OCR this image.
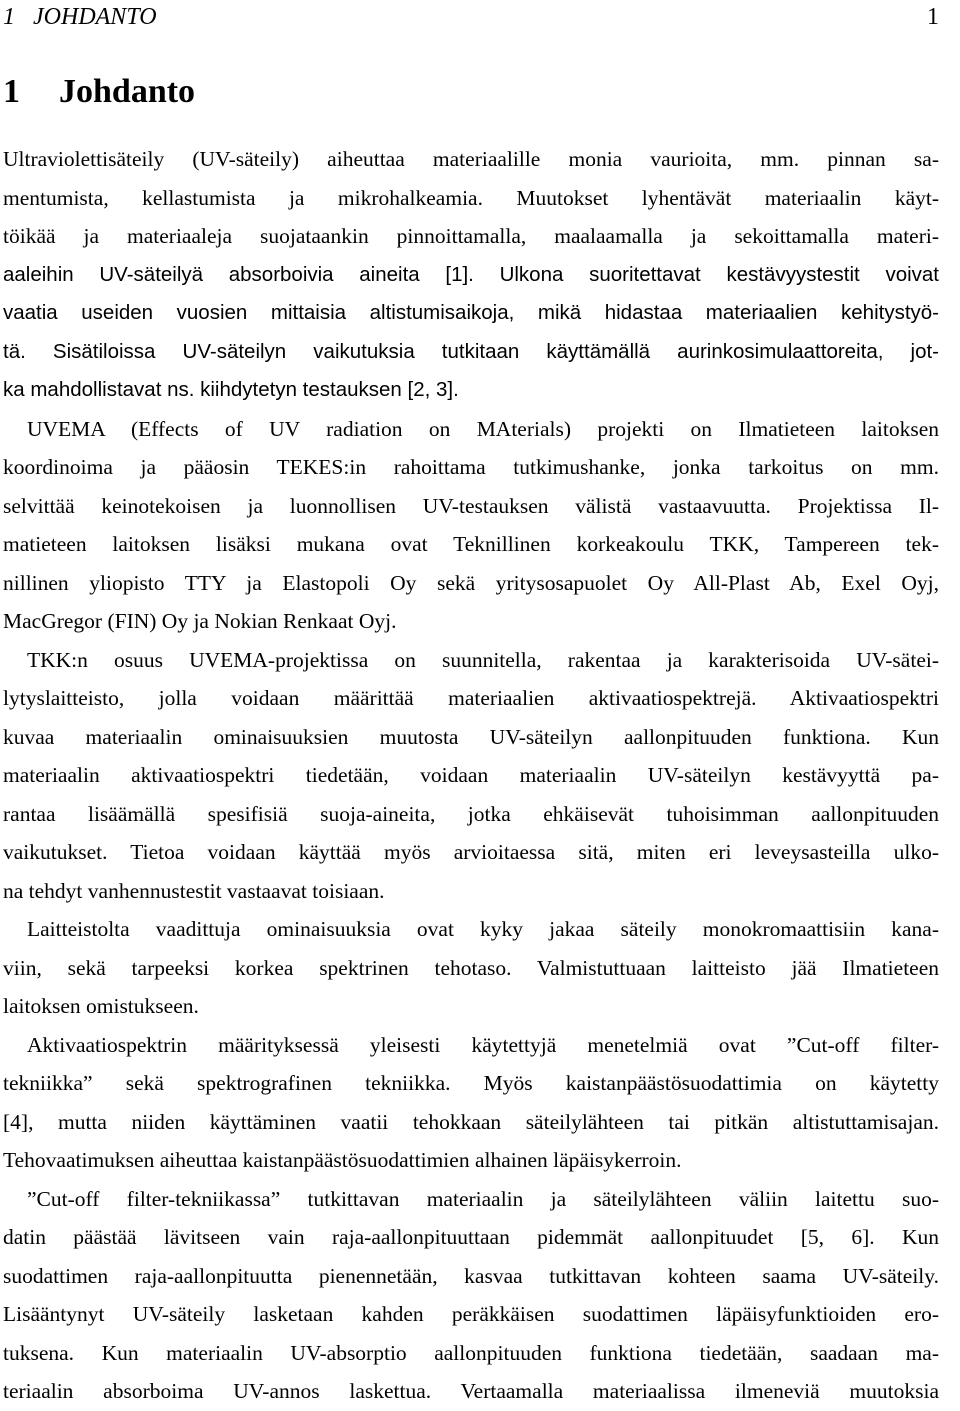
1   JOHDANTO	1
1 Johdanto

Ultraviolettisäteily (UV-säteily) aiheuttaa materiaalille monia vaurioita, mm. pinnan sa-
mentumista, kellastumista ja mikrohalkeamia. Muutokset lyhentävät materiaalin käyt-
töikää ja materiaaleja suojataankin pinnoittamalla, maalaamalla ja sekoittamalla materi-
aaleihin UV-säteilyä absorboivia aineita [1]. Ulkona suoritettavat kestävyystestit voivat
vaatia useiden vuosien mittaisia altistumisaikoja, mikä hidastaa materiaalien kehitystyö-
tä. Sisätiloissa UV-säteilyn vaikutuksia tutkitaan käyttämällä aurinkosimulaattoreita, jot-
ka mahdollistavat ns. kiihdytetyn testauksen [2, 3].

UVEMA (Effects of UV radiation on MAterials) projekti on Ilmatieteen laitoksen
koordinoima ja pääosin TEKES:in rahoittama tutkimushanke, jonka tarkoitus on mm.
selvittää keinotekoisen ja luonnollisen UV-testauksen välistä vastaavuutta. Projektissa Il-
matieteen laitoksen lisäksi mukana ovat Teknillinen korkeakoulu TKK, Tampereen tek-
nillinen yliopisto TTY ja Elastopoli Oy sekä yritysosapuolet Oy All-Plast Ab, Exel Oyj,
MacGregor (FIN) Oy ja Nokian Renkaat Oyj.

TKK:n osuus UVEMA-projektissa on suunnitella, rakentaa ja karakterisoida UV-sätei-
lytyslaitteisto, jolla voidaan määrittää materiaalien aktivaatiospektrejä. Aktivaatiospektri
kuvaa materiaalin ominaisuuksien muutosta UV-säteilyn aallonpituuden funktiona. Kun
materiaalin aktivaatiospektri tiedetään, voidaan materiaalin UV-säteilyn kestävyyttä pa-
rantaa lisäämällä spesifisiä suoja-aineita, jotka ehkäisevät tuhoisimman aallonpituuden
vaikutukset. Tietoa voidaan käyttää myös arvioitaessa sitä, miten eri leveysasteilla ulko-
na tehdyt vanhennustestit vastaavat toisiaan.

Laitteistolta vaadittuja ominaisuuksia ovat kyky jakaa säteily monokromaattisiin kana-
viin, sekä tarpeeksi korkea spektrinen tehotaso. Valmistuttuaan laitteisto jää Ilmatieteen
laitoksen omistukseen.

Aktivaatiospektrin määrityksessä yleisesti käytettyjä menetelmiä ovat ”Cut-off filter-
tekniikka” sekä spektrografinen tekniikka. Myös kaistanpäästösuodattimia on käytetty
[4], mutta niiden käyttäminen vaatii tehokkaan säteilylähteen tai pitkän altistuttamisajan.
Tehovaatimuksen aiheuttaa kaistanpäästösuodattimien alhainen läpäisykerroin.

”Cut-off filter-tekniikassa” tutkittavan materiaalin ja säteilylähteen väliin laitettu suo-
datin päästää lävitseen vain raja-aallonpituuttaan pidemmät aallonpituudet [5, 6]. Kun
suodattimen raja-aallonpituutta pienennetään, kasvaa tutkittavan kohteen saama UV-säteily.
Lisääntynyt UV-säteily lasketaan kahden peräkkäisen suodattimen läpäisyfunktioiden ero-
tuksena. Kun materiaalin UV-absorptio aallonpituuden funktiona tiedetään, saadaan ma-
teriaalin absorboima UV-annos laskettua. Vertaamalla materiaalissa ilmeneviä muutoksia
